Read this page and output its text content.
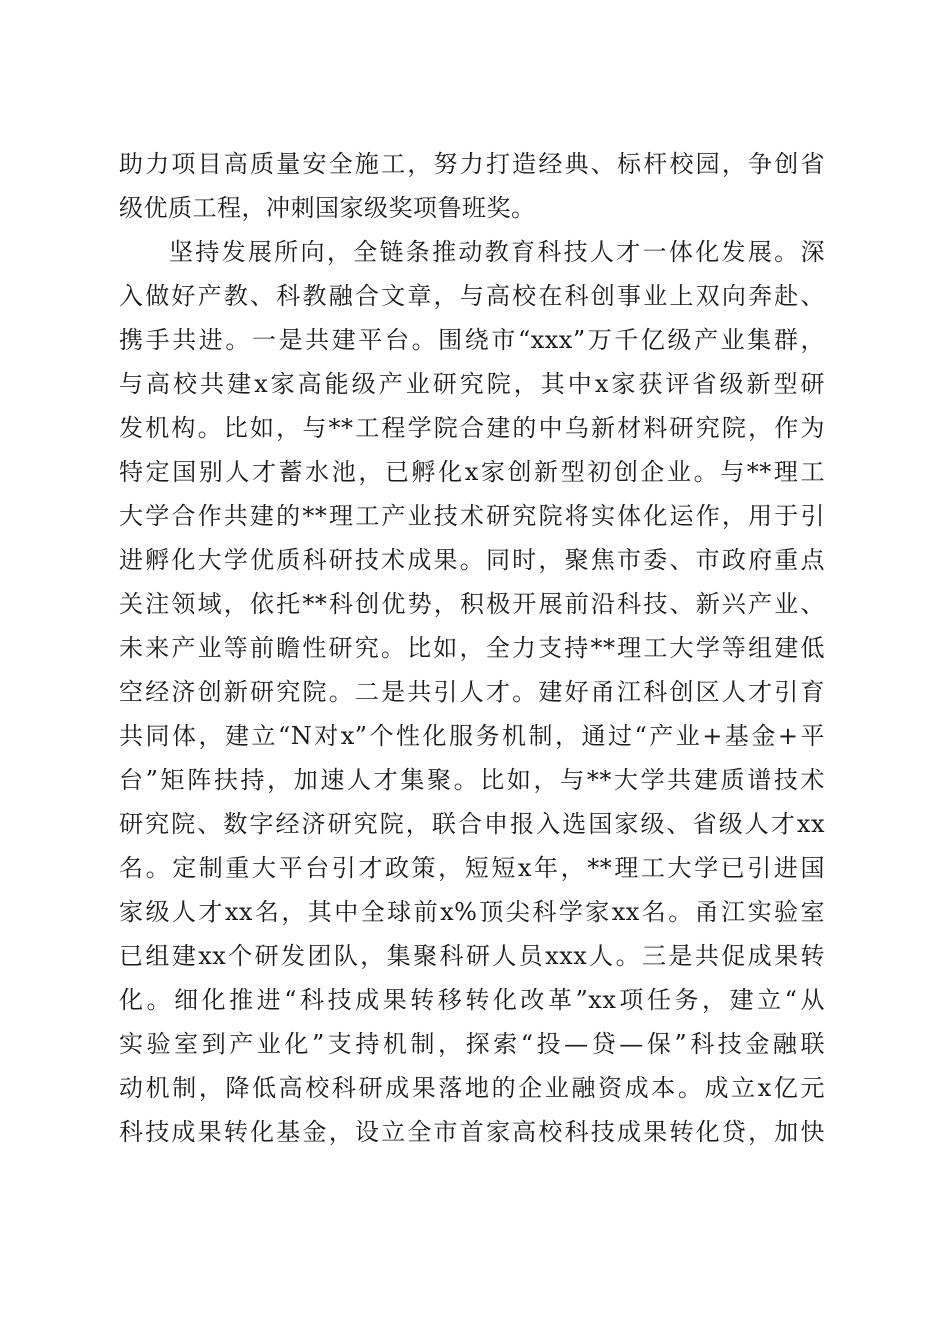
助力项目高质量安全施工，努力打造经典、标杆校园，争创省
级优质工程，冲刺国家级奖项鲁班奖。
坚持发展所向，全链条推动教育科技人才一体化发展。深
入做好产教、科教融合文章，与高校在科创事业上双向奔赴、
携手共进。一是共建平台。围绕市“xxx”万千亿级产业集群，
与高校共建x家高能级产业研究院，其中x家获评省级新型研
发机构。比如，与**工程学院合建的中乌新材料研究院，作为
特定国别人才蓄水池，已孵化x家创新型初创企业。与**理工
大学合作共建的**理工产业技术研究院将实体化运作，用于引
进孵化大学优质科研技术成果。同时，聚焦市委、市政府重点
关注领域，依托**科创优势，积极开展前沿科技、新兴产业、
未来产业等前瞻性研究。比如，全力支持**理工大学等组建低
空经济创新研究院。二是共引人才。建好甬江科创区人才引育
共同体，建立“N对x”个性化服务机制，通过“产业+基金+平
台”矩阵扶持，加速人才集聚。比如，与**大学共建质谱技术
研究院、数字经济研究院，联合申报入选国家级、省级人才xx
名。定制重大平台引才政策，短短x年，**理工大学已引进国
家级人才xx名，其中全球前x%顶尖科学家xx名。甬江实验室
已组建xx个研发团队，集聚科研人员xxx人。三是共促成果转
化。细化推进“科技成果转移转化改革”xx项任务，建立“从
实验室到产业化”支持机制，探索“投—贷—保”科技金融联
动机制，降低高校科研成果落地的企业融资成本。成立x亿元
科技成果转化基金，设立全市首家高校科技成果转化贷，加快
